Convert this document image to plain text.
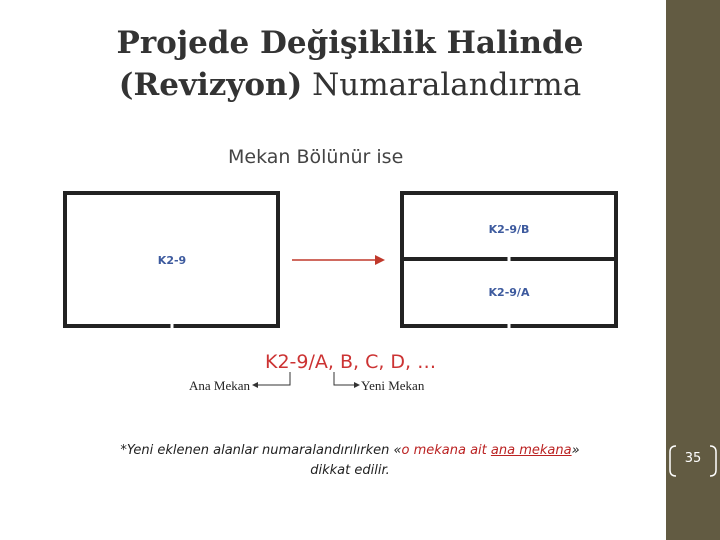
Projede Değişiklik Halinde
(Revizyon) Numaralandırma
Mekan Bölünür ise
K2-9
K2-9/B
K2-9/A
K2-9/A, B, C, D, …
Ana Mekan	Yeni Mekan
*Yeni eklenen alanlar numaralandırılırken «o mekana ait ana mekana»
dikkat edilir.
35
